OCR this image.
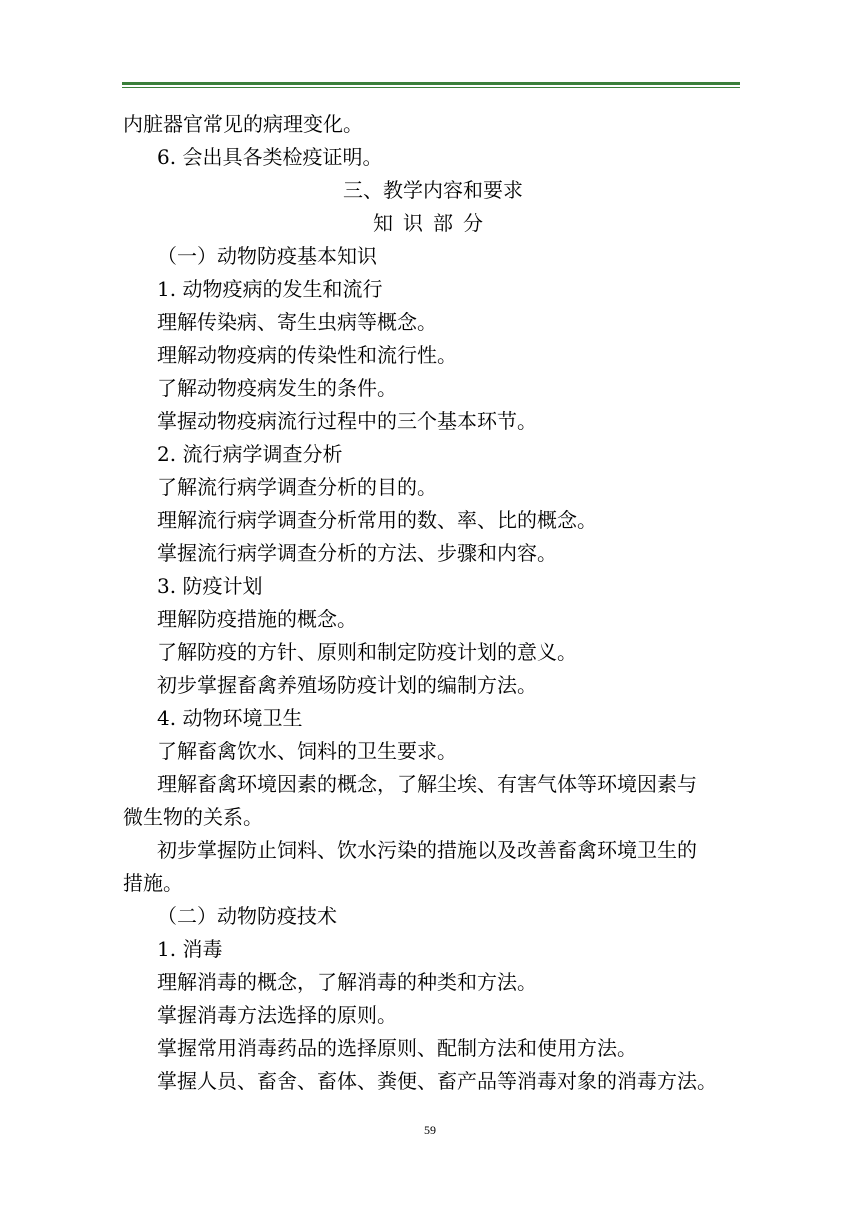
内脏器官常见的病理变化。
6. 会出具各类检疫证明。
三、教学内容和要求
知识部分
（一）动物防疫基本知识
1. 动物疫病的发生和流行
理解传染病、寄生虫病等概念。
理解动物疫病的传染性和流行性。
了解动物疫病发生的条件。
掌握动物疫病流行过程中的三个基本环节。
2. 流行病学调查分析
了解流行病学调查分析的目的。
理解流行病学调查分析常用的数、率、比的概念。
掌握流行病学调查分析的方法、步骤和内容。
3. 防疫计划
理解防疫措施的概念。
了解防疫的方针、原则和制定防疫计划的意义。
初步掌握畜禽养殖场防疫计划的编制方法。
4. 动物环境卫生
了解畜禽饮水、饲料的卫生要求。
理解畜禽环境因素的概念，了解尘埃、有害气体等环境因素与
微生物的关系。
初步掌握防止饲料、饮水污染的措施以及改善畜禽环境卫生的
措施。
（二）动物防疫技术
1. 消毒
理解消毒的概念，了解消毒的种类和方法。
掌握消毒方法选择的原则。
掌握常用消毒药品的选择原则、配制方法和使用方法。
掌握人员、畜舍、畜体、粪便、畜产品等消毒对象的消毒方法。
59
